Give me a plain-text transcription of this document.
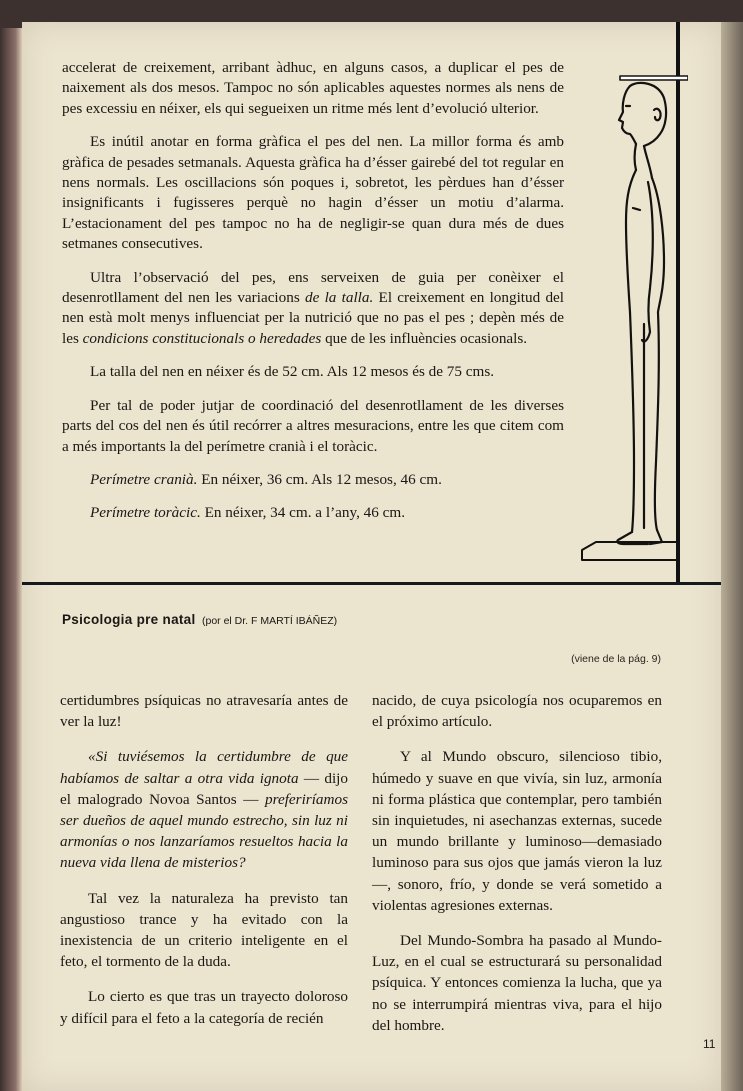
accelerat de creixement, arribant àdhuc, en alguns casos, a duplicar el pes de naixement als dos mesos. Tampoc no són aplicables aquestes normes als nens de pes excessiu en néixer, els qui segueixen un ritme més lent d’evolució ulterior.

Es inútil anotar en forma gràfica el pes del nen. La millor forma és amb gràfica de pesades setmanals. Aquesta gràfica ha d’ésser gairebé del tot regular en nens normals. Les oscillacions són poques i, sobretot, les pèrdues han d’ésser insignificants i fugisseres perquè no hagin d’ésser un motiu d’alarma. L’estacionament del pes tampoc no ha de negligir-se quan dura més de dues setmanes consecutives.

Ultra l’observació del pes, ens serveixen de guia per conèixer el desenrotllament del nen les variacions de la talla. El creixement en longitud del nen està molt menys influenciat per la nutrició que no pas el pes ; depèn més de les condicions constitucionals o heredades que de les influències ocasionals.

La talla del nen en néixer és de 52 cm. Als 12 mesos és de 75 cms.

Per tal de poder jutjar de coordinació del desenrotllament de les diverses parts del cos del nen és útil recórrer a altres mesuracions, entre les que citem com a més importants la del perímetre cranià i el toràcic.

Perímetre cranià. En néixer, 36 cm. Als 12 mesos, 46 cm.

Perímetre toràcic. En néixer, 34 cm. a l’any, 46 cm.

Psicologia pre natal (por el Dr. F MARTÍ IBÁÑEZ)
(viene de la pág. 9)

certidumbres psíquicas no atravesaría antes de ver la luz!

«Si tuviésemos la certidumbre de que habíamos de saltar a otra vida ignota — dijo el malogrado Novoa Santos — preferiríamos ser dueños de aquel mundo estrecho, sin luz ni armonías o nos lanzaríamos resueltos hacia la nueva vida llena de misterios?

Tal vez la naturaleza ha previsto tan angustioso trance y ha evitado con la inexistencia de un criterio inteligente en el feto, el tormento de la duda.

Lo cierto es que tras un trayecto doloroso y difícil para el feto a la categoría de recién

nacido, de cuya psicología nos ocuparemos en el próximo artículo.

Y al Mundo obscuro, silencioso tibio, húmedo y suave en que vivía, sin luz, armonía ni forma plástica que contemplar, pero también sin inquietudes, ni asechanzas externas, sucede un mundo brillante y luminoso—demasiado luminoso para sus ojos que jamás vieron la luz—, sonoro, frío, y donde se verá sometido a violentas agresiones externas.

Del Mundo-Sombra ha pasado al Mundo-Luz, en el cual se estructurará su personalidad psíquica. Y entonces comienza la lucha, que ya no se interrumpirá mientras viva, para el hijo del hombre.

11
